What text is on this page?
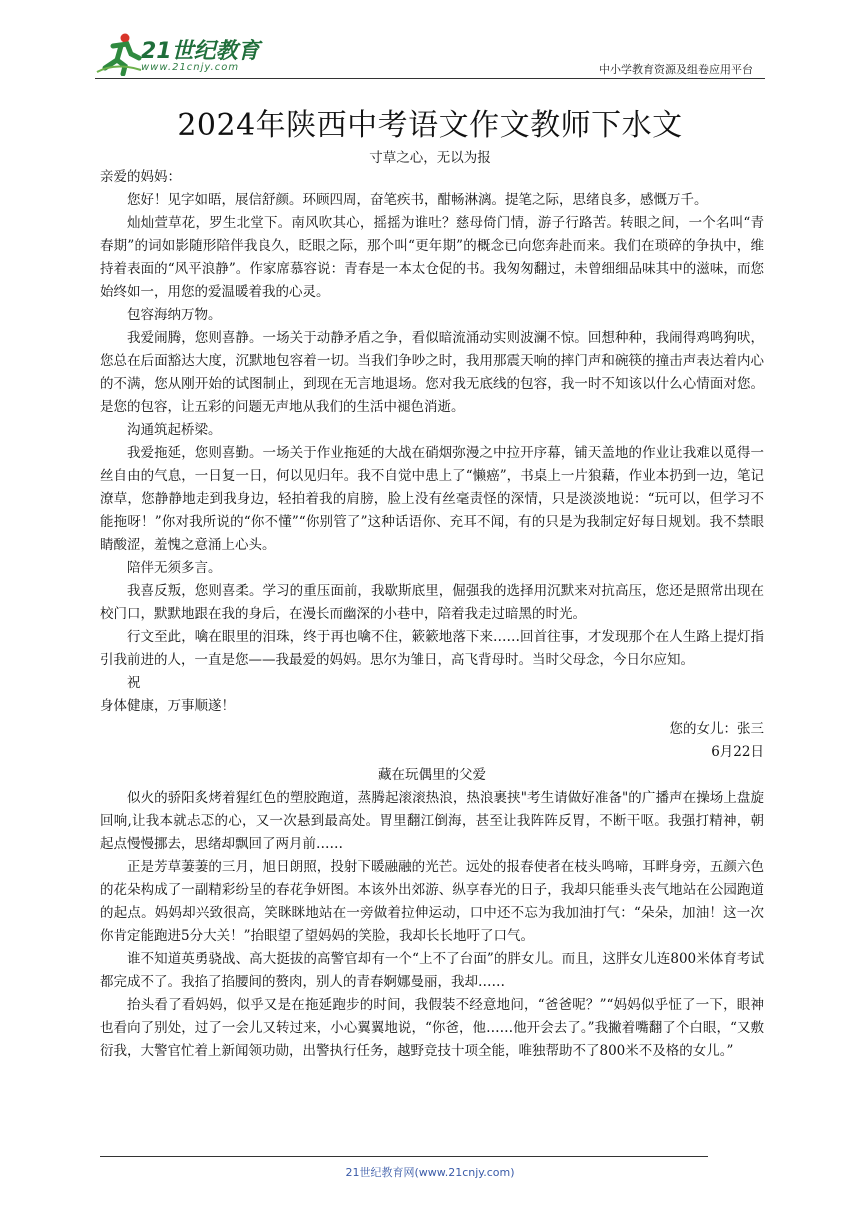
21世纪教育
www.21cnjy.com	中小学教育资源及组卷应用平台
2024年陕西中考语文作文教师下水文
寸草之心，无以为报

亲爱的妈妈：

您好！见字如晤，展信舒颜。环顾四周，奋笔疾书，酣畅淋漓。提笔之际，思绪良多，感慨万千。

灿灿萱草花，罗生北堂下。南风吹其心，摇摇为谁吐？慈母倚门情，游子行路苦。转眼之间，一个名叫“青春期”的词如影随形陪伴我良久，眨眼之际，那个叫“更年期”的概念已向您奔赴而来。我们在琐碎的争执中，维持着表面的“风平浪静”。作家席慕容说：青春是一本太仓促的书。我匆匆翻过，未曾细细品味其中的滋味，而您始终如一，用您的爱温暖着我的心灵。

包容海纳万物。

我爱闹腾，您则喜静。一场关于动静矛盾之争，看似暗流涌动实则波澜不惊。回想种种，我闹得鸡鸣狗吠，您总在后面豁达大度，沉默地包容着一切。当我们争吵之时，我用那震天响的摔门声和碗筷的撞击声表达着内心的不满，您从刚开始的试图制止，到现在无言地退场。您对我无底线的包容，我一时不知该以什么心情面对您。是您的包容，让五彩的问题无声地从我们的生活中褪色消逝。

沟通筑起桥梁。

我爱拖延，您则喜勤。一场关于作业拖延的大战在硝烟弥漫之中拉开序幕，铺天盖地的作业让我难以觅得一丝自由的气息，一日复一日，何以见归年。我不自觉中患上了“懒癌”，书桌上一片狼藉，作业本扔到一边，笔记潦草，您静静地走到我身边，轻拍着我的肩膀，脸上没有丝毫责怪的深情，只是淡淡地说：“玩可以，但学习不能拖呀！”你对我所说的“你不懂”“你别管了”这种话语你、充耳不闻，有的只是为我制定好每日规划。我不禁眼睛酸涩，羞愧之意涌上心头。

陪伴无须多言。

我喜反叛，您则喜柔。学习的重压面前，我歇斯底里，倔强我的选择用沉默来对抗高压，您还是照常出现在校门口，默默地跟在我的身后，在漫长而幽深的小巷中，陪着我走过暗黑的时光。

行文至此，噙在眼里的泪珠，终于再也噙不住，簌簌地落下来……回首往事，才发现那个在人生路上提灯指引我前进的人，一直是您——我最爱的妈妈。思尔为雏日，高飞背母时。当时父母念，今日尔应知。

祝

身体健康，万事顺遂！

您的女儿：张三

6月22日

藏在玩偶里的父爱

似火的骄阳炙烤着猩红色的塑胶跑道，蒸腾起滚滚热浪，热浪裹挟"考生请做好准备"的广播声在操场上盘旋回响,让我本就忐忑的心，又一次悬到最高处。胃里翻江倒海，甚至让我阵阵反胃，不断干呕。我强打精神，朝起点慢慢挪去，思绪却飘回了两月前……

正是芳草萋萋的三月，旭日朗照，投射下暖融融的光芒。远处的报春使者在枝头鸣啼，耳畔身旁，五颜六色的花朵构成了一副精彩纷呈的春花争妍图。本该外出郊游、纵享春光的日子，我却只能垂头丧气地站在公园跑道的起点。妈妈却兴致很高，笑眯眯地站在一旁做着拉伸运动，口中还不忘为我加油打气：“朵朵，加油！这一次你肯定能跑进5分大关！”抬眼望了望妈妈的笑脸，我却长长地吁了口气。

谁不知道英勇骁战、高大挺拔的高警官却有一个“上不了台面”的胖女儿。而且，这胖女儿连800米体育考试都完成不了。我掐了掐腰间的赘肉，别人的青春婀娜曼丽，我却……

抬头看了看妈妈，似乎又是在拖延跑步的时间，我假装不经意地问，“爸爸呢？”“妈妈似乎怔了一下，眼神也看向了别处，过了一会儿又转过来，小心翼翼地说，“你爸，他……他开会去了。”我撇着嘴翻了个白眼，“又敷衍我，大警官忙着上新闻领功勋，出警执行任务，越野竞技十项全能，唯独帮助不了800米不及格的女儿。”

21世纪教育网(www.21cnjy.com)
